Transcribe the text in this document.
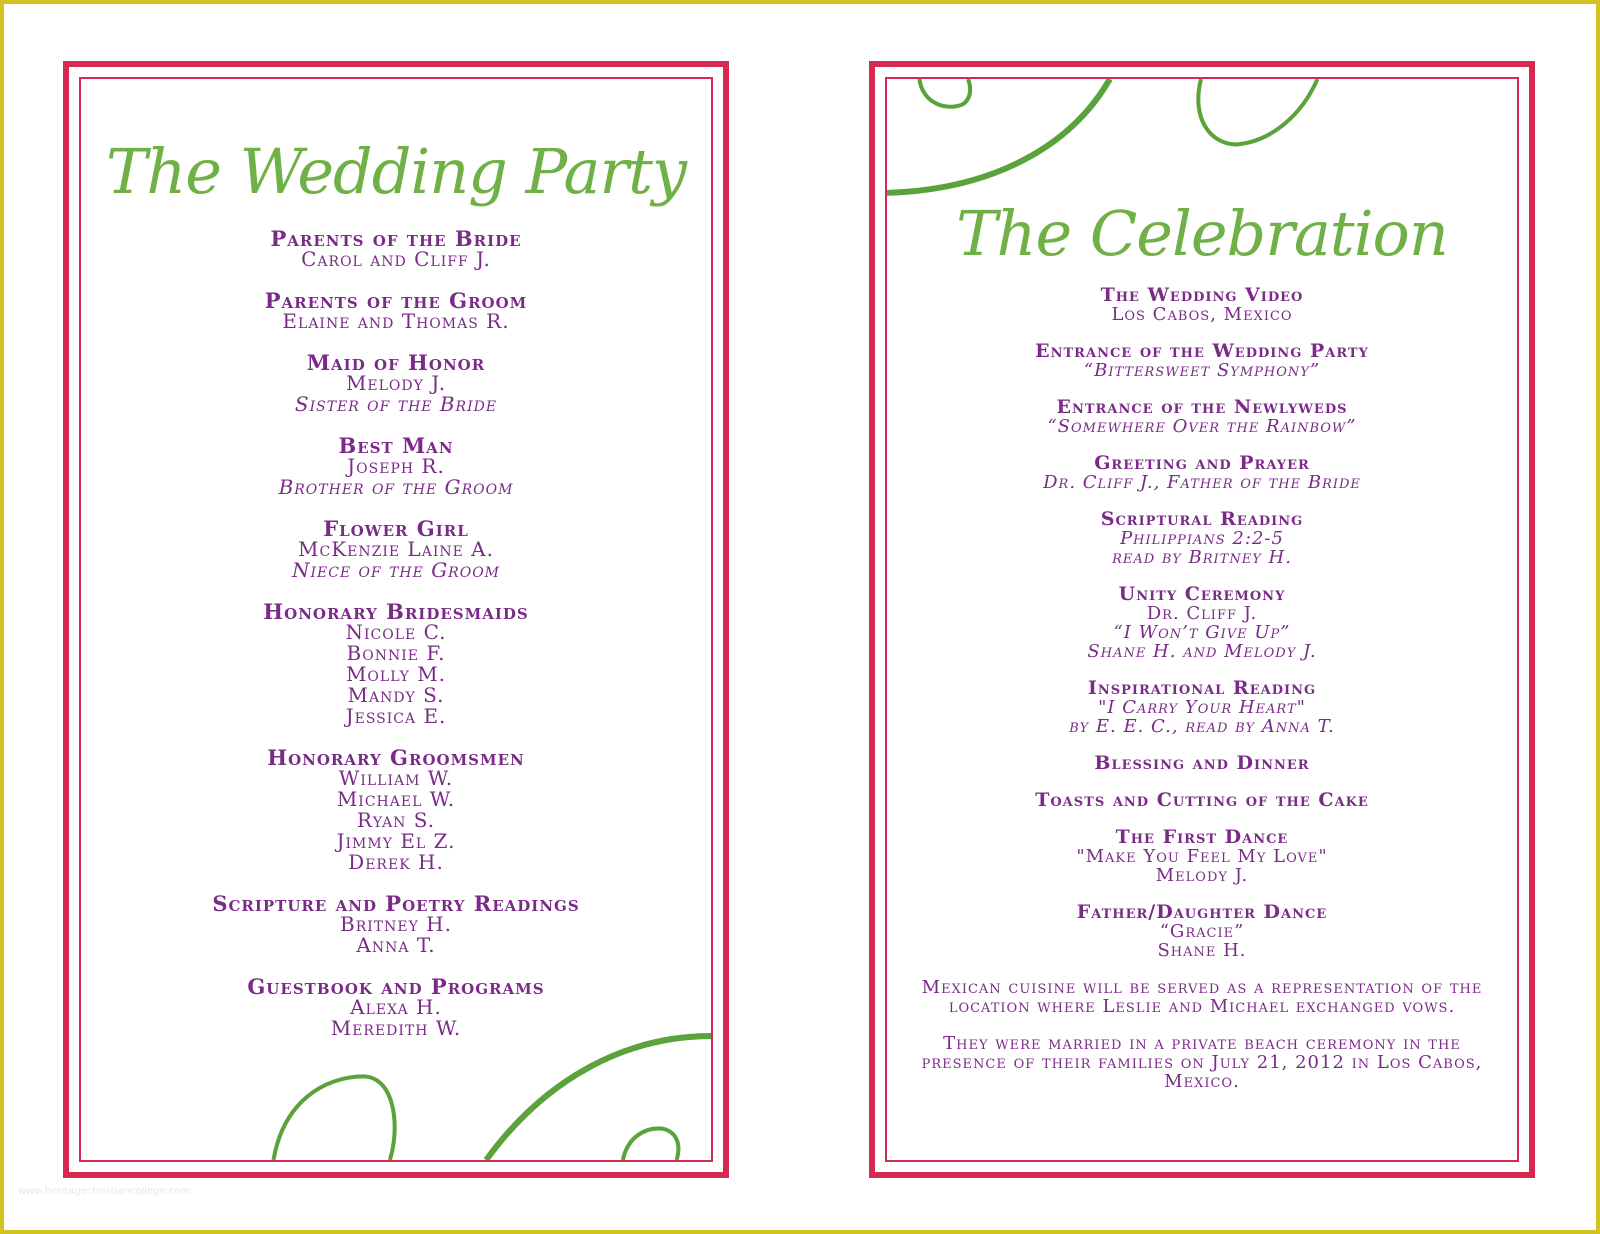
The Wedding Party
Parents of the Bride
Carol and Cliff J.
Parents of the Groom
Elaine and Thomas R.
Maid of Honor
Melody J.
Sister of the Bride
Best Man
Joseph R.
Brother of the Groom
Flower Girl
McKenzie Laine A.
Niece of the Groom
Honorary Bridesmaids
Nicole C.
Bonnie F.
Molly M.
Mandy S.
Jessica E.
Honorary Groomsmen
William W.
Michael W.
Ryan S.
Jimmy El Z.
Derek H.
Scripture and Poetry Readings
Britney H.
Anna T.
Guestbook and Programs
Alexa H.
Meredith W.
The Celebration
The Wedding Video
Los Cabos, Mexico
Entrance of the Wedding Party
“Bittersweet Symphony”
Entrance of the Newlyweds
“Somewhere Over the Rainbow”
Greeting and Prayer
Dr. Cliff J., Father of the Bride
Scriptural Reading
Philippians 2:2-5
read by Britney H.
Unity Ceremony
Dr. Cliff J.
“I Won’t Give Up”
Shane H. and Melody J.
Inspirational Reading
"I Carry Your Heart"
by E. E. C., read by Anna T.
Blessing and Dinner
Toasts and Cutting of the Cake
The First Dance
"Make You Feel My Love"
Melody J.
Father/Daughter Dance
“Gracie”
Shane H.
Mexican cuisine will be served as a representation of the location where Leslie and Michael exchanged vows.
They were married in a private beach ceremony in the presence of their families on July 21, 2012 in Los Cabos, Mexico.
www.heritagechristiancollege.com
